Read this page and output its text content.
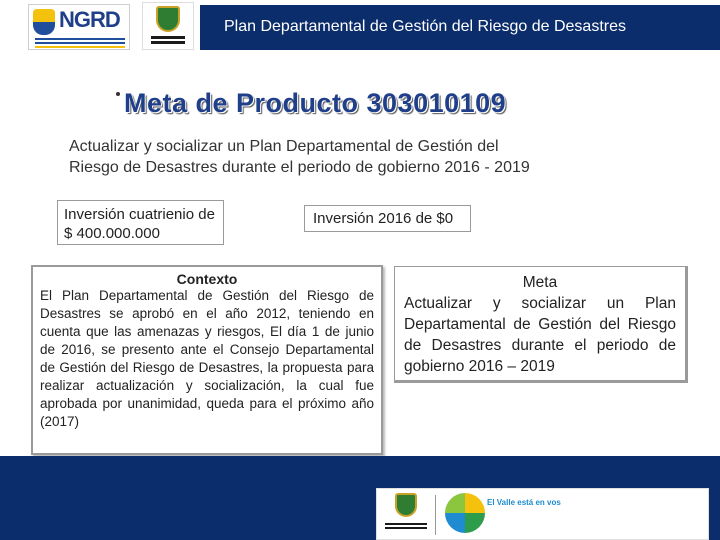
NGRD	Plan Departamental de Gestión del Riesgo de Desastres
Meta de Producto 303010109
Actualizar y socializar un Plan Departamental de Gestión del Riesgo de Desastres durante el periodo de gobierno 2016 - 2019
Inversión cuatrienio de $ 400.000.000
Inversión 2016 de $0
Contexto
El Plan Departamental de Gestión del Riesgo de Desastres se aprobó en el año 2012, teniendo en cuenta que las amenazas y riesgos, El día 1 de junio de 2016, se presento ante el Consejo Departamental de Gestión del Riesgo de Desastres, la propuesta para realizar actualización y socialización, la cual fue aprobada por unanimidad, queda para el próximo año (2017)
Meta
Actualizar y socializar un Plan Departamental de Gestión del Riesgo de Desastres durante el periodo de gobierno 2016 – 2019
El Valle está en vos
